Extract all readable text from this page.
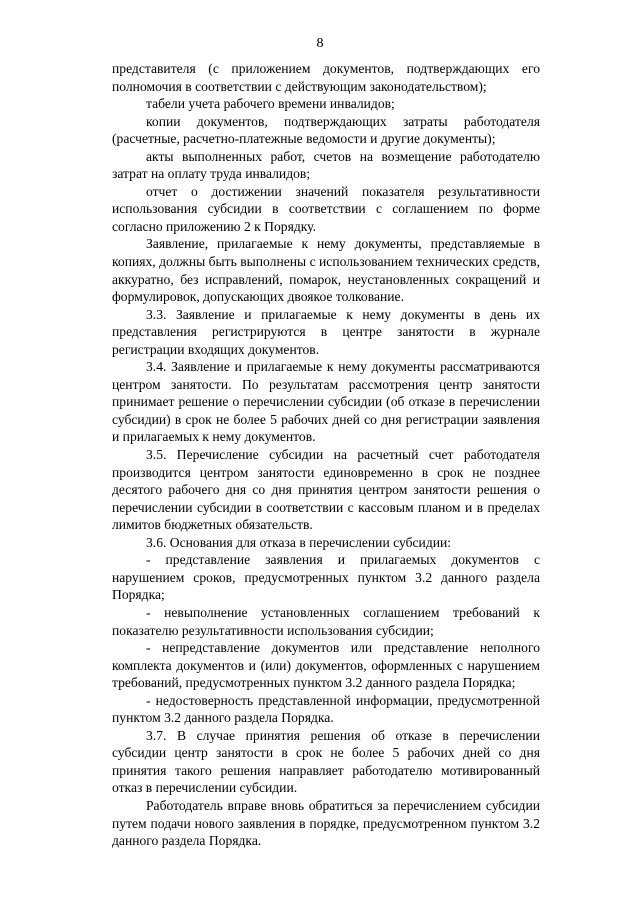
8

представителя (с приложением документов, подтверждающих его полномочия в соответствии с действующим законодательством);

табели учета рабочего времени инвалидов;

копии документов, подтверждающих затраты работодателя (расчетные, расчетно-платежные ведомости и другие документы);

акты выполненных работ, счетов на возмещение работодателю затрат на оплату труда инвалидов;

отчет о достижении значений показателя результативности использования субсидии в соответствии с соглашением по форме согласно приложению 2 к Порядку.

Заявление, прилагаемые к нему документы, представляемые в копиях, должны быть выполнены с использованием технических средств, аккуратно, без исправлений, помарок, неустановленных сокращений и формулировок, допускающих двоякое толкование.

3.3. Заявление и прилагаемые к нему документы в день их представления регистрируются в центре занятости в журнале регистрации входящих документов.

3.4. Заявление и прилагаемые к нему документы рассматриваются центром занятости. По результатам рассмотрения центр занятости принимает решение о перечислении субсидии (об отказе в перечислении субсидии) в срок не более 5 рабочих дней со дня регистрации заявления и прилагаемых к нему документов.

3.5. Перечисление субсидии на расчетный счет работодателя производится центром занятости единовременно в срок не позднее десятого рабочего дня со дня принятия центром занятости решения о перечислении субсидии в соответствии с кассовым планом и в пределах лимитов бюджетных обязательств.

3.6. Основания для отказа в перечислении субсидии:

- представление заявления и прилагаемых документов с нарушением сроков, предусмотренных пунктом 3.2 данного раздела Порядка;

- невыполнение установленных соглашением требований к показателю результативности использования субсидии;

- непредставление документов или представление неполного комплекта документов и (или) документов, оформленных с нарушением требований, предусмотренных пунктом 3.2 данного раздела Порядка;

- недостоверность представленной информации, предусмотренной пунктом 3.2 данного раздела Порядка.

3.7. В случае принятия решения об отказе в перечислении субсидии центр занятости в срок не более 5 рабочих дней со дня принятия такого решения направляет работодателю мотивированный отказ в перечислении субсидии.

Работодатель вправе вновь обратиться за перечислением субсидии путем подачи нового заявления в порядке, предусмотренном пунктом 3.2 данного раздела Порядка.
